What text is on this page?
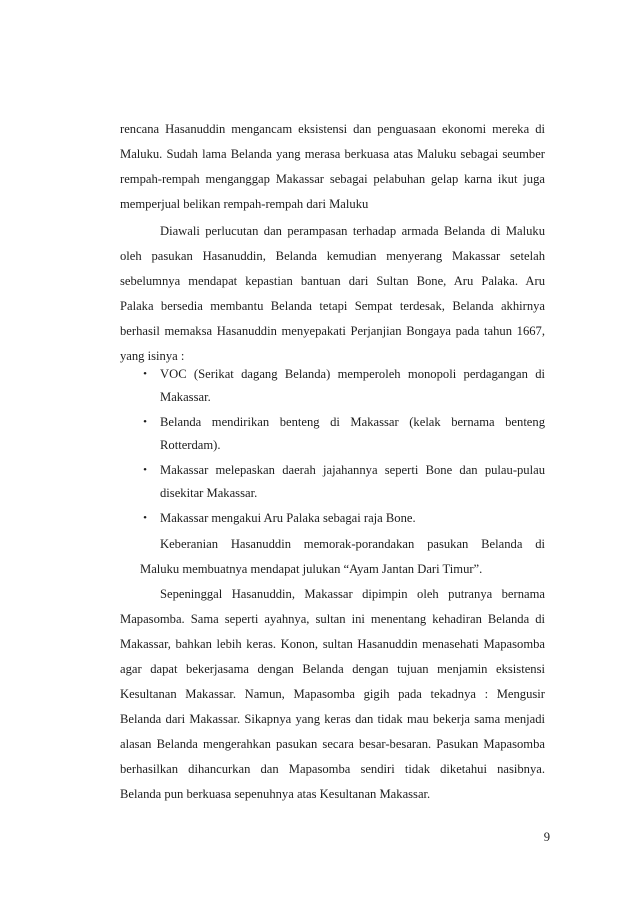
rencana Hasanuddin mengancam eksistensi dan penguasaan ekonomi mereka di
Maluku. Sudah lama Belanda yang merasa berkuasa atas Maluku sebagai seumber
rempah-rempah menganggap Makassar sebagai pelabuhan gelap karna ikut juga
memperjual belikan rempah-rempah dari Maluku
Diawali perlucutan dan perampasan terhadap armada Belanda di Maluku
oleh pasukan Hasanuddin, Belanda kemudian menyerang Makassar setelah
sebelumnya mendapat kepastian bantuan dari Sultan Bone, Aru Palaka. Aru
Palaka bersedia membantu Belanda tetapi Sempat terdesak, Belanda akhirnya
berhasil memaksa Hasanuddin menyepakati Perjanjian Bongaya pada tahun 1667,
yang isinya :
• VOC (Serikat dagang Belanda) memperoleh monopoli perdagangan di
Makassar.
• Belanda mendirikan benteng di Makassar (kelak bernama benteng
Rotterdam).
• Makassar melepaskan daerah jajahannya seperti Bone dan pulau-pulau
disekitar Makassar.
• Makassar mengakui Aru Palaka sebagai raja Bone.
Keberanian Hasanuddin memorak-porandakan pasukan Belanda di
Maluku membuatnya mendapat julukan “Ayam Jantan Dari Timur”.
Sepeninggal Hasanuddin, Makassar dipimpin oleh putranya bernama
Mapasomba. Sama seperti ayahnya, sultan ini menentang kehadiran Belanda di
Makassar, bahkan lebih keras. Konon, sultan Hasanuddin menasehati Mapasomba
agar dapat bekerjasama dengan Belanda dengan tujuan menjamin eksistensi
Kesultanan Makassar. Namun, Mapasomba gigih pada tekadnya : Mengusir
Belanda dari Makassar. Sikapnya yang keras dan tidak mau bekerja sama menjadi
alasan Belanda mengerahkan pasukan secara besar-besaran. Pasukan Mapasomba
berhasilkan dihancurkan dan Mapasomba sendiri tidak diketahui nasibnya.
Belanda pun berkuasa sepenuhnya atas Kesultanan Makassar.
9
